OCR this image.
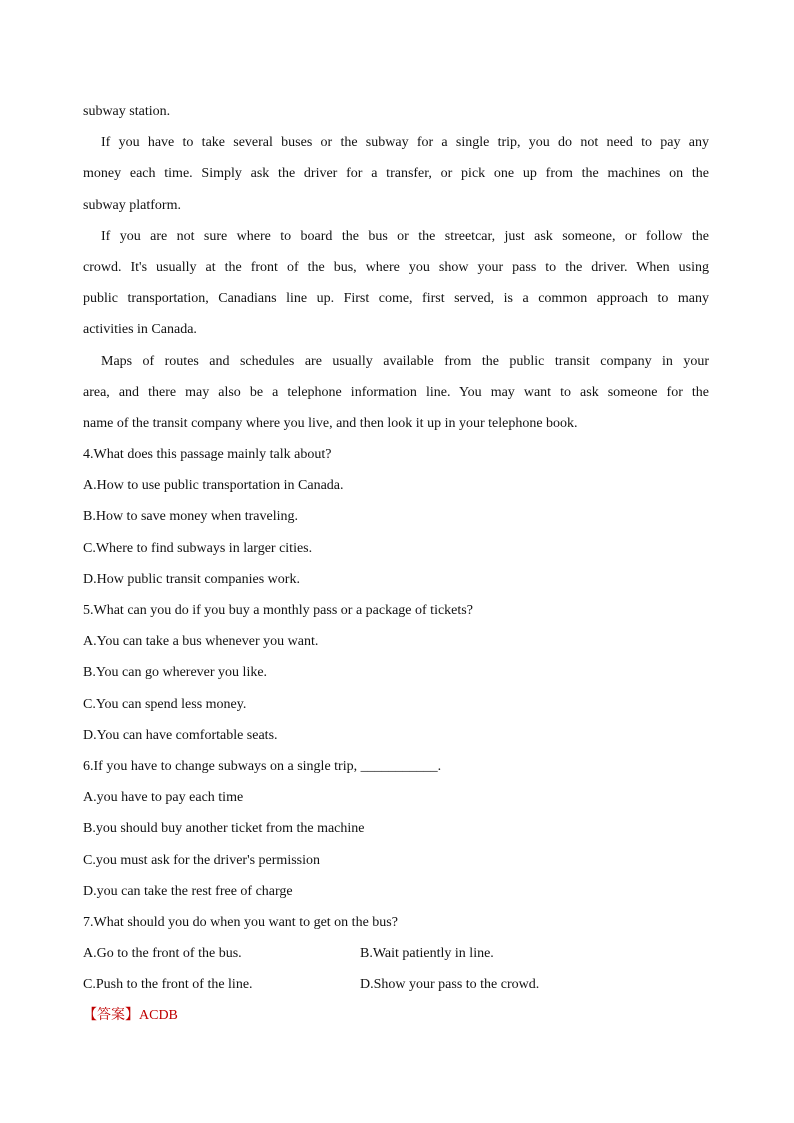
subway station.
If you have to take several buses or the subway for a single trip, you do not need to pay any
money each time. Simply ask the driver for a transfer, or pick one up from the machines on the
subway platform.
If you are not sure where to board the bus or the streetcar, just ask someone, or follow the
crowd. It's usually at the front of the bus, where you show your pass to the driver. When using
public transportation, Canadians line up. First come, first served, is a common approach to many
activities in Canada.
Maps of routes and schedules are usually available from the public transit company in your
area, and there may also be a telephone information line. You may want to ask someone for the
name of the transit company where you live, and then look it up in your telephone book.
4.What does this passage mainly talk about?
A.How to use public transportation in Canada.
B.How to save money when traveling.
C.Where to find subways in larger cities.
D.How public transit companies work.
5.What can you do if you buy a monthly pass or a package of tickets?
A.You can take a bus whenever you want.
B.You can go wherever you like.
C.You can spend less money.
D.You can have comfortable seats.
6.If you have to change subways on a single trip, ___________.
A.you have to pay each time
B.you should buy another ticket from the machine
C.you must ask for the driver's permission
D.you can take the rest free of charge
7.What should you do when you want to get on the bus?
A.Go to the front of the bus.	B.Wait patiently in line.
C.Push to the front of the line.	D.Show your pass to the crowd.
【答案】ACDB
